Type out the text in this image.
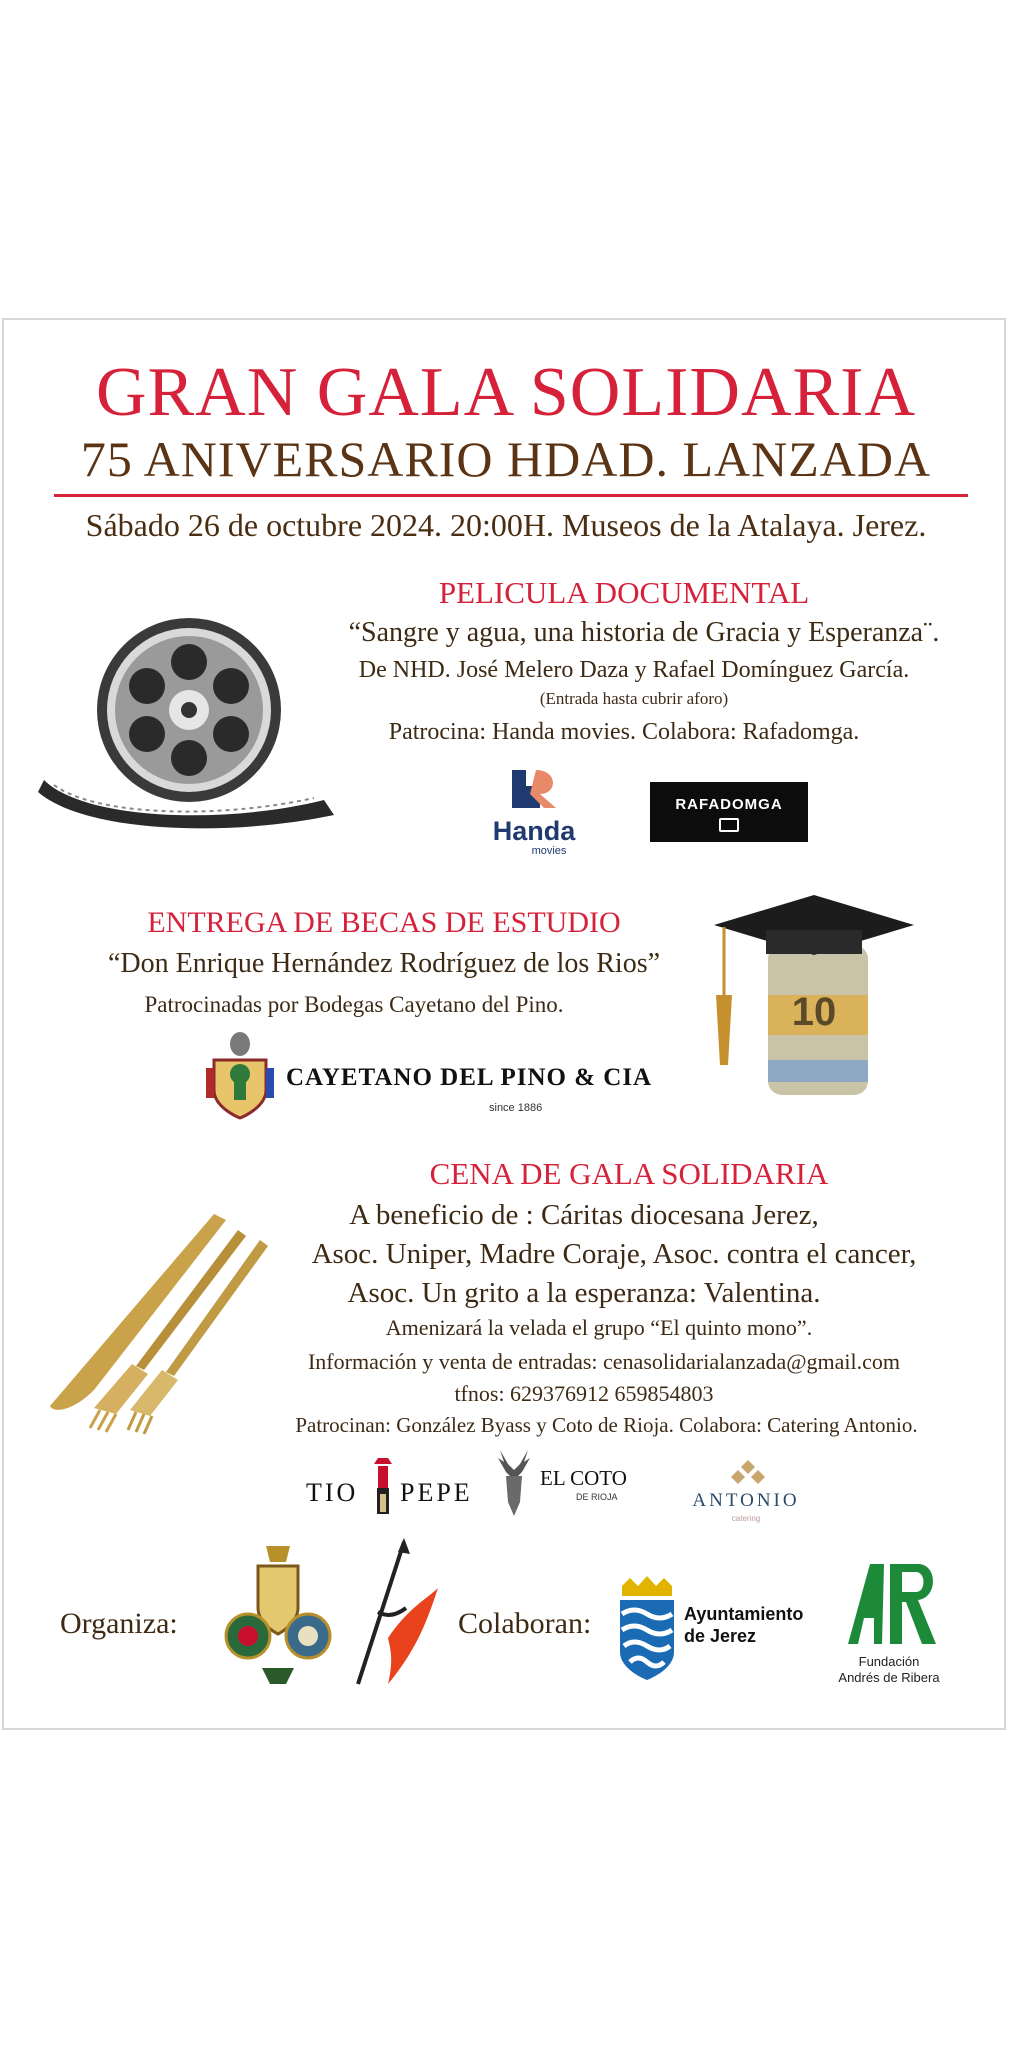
GRAN GALA SOLIDARIA
75 ANIVERSARIO HDAD. LANZADA
Sábado 26 de octubre 2024. 20:00H. Museos de la Atalaya. Jerez.
PELICULA DOCUMENTAL
“Sangre y agua, una historia de Gracia y Esperanza¨.
De NHD. José Melero Daza y Rafael Domínguez García.
(Entrada hasta cubrir aforo)
Patrocina: Handa movies. Colabora: Rafadomga.
Handa
movies
RAFADOMGA
ENTREGA DE BECAS DE ESTUDIO
“Don Enrique Hernández Rodríguez de los Rios”
Patrocinadas por Bodegas Cayetano del Pino.
CAYETANO DEL PINO & CIA
since 1886
10
CENA DE GALA SOLIDARIA
A beneficio de : Cáritas diocesana Jerez,
Asoc. Uniper, Madre Coraje, Asoc. contra el cancer,
Asoc. Un grito a la esperanza: Valentina.
Amenizará la velada el grupo “El quinto mono”.
Información y venta de entradas: cenasolidarialanzada@gmail.com
tfnos: 629376912 659854803
Patrocinan: González Byass y Coto de Rioja. Colabora: Catering Antonio.
TIO PEPE	EL COTO
DE RIOJA	ANTONIO
catering
Organiza:	Colaboran:	Ayuntamiento
de Jerez
Fundación
Andrés de Ribera
